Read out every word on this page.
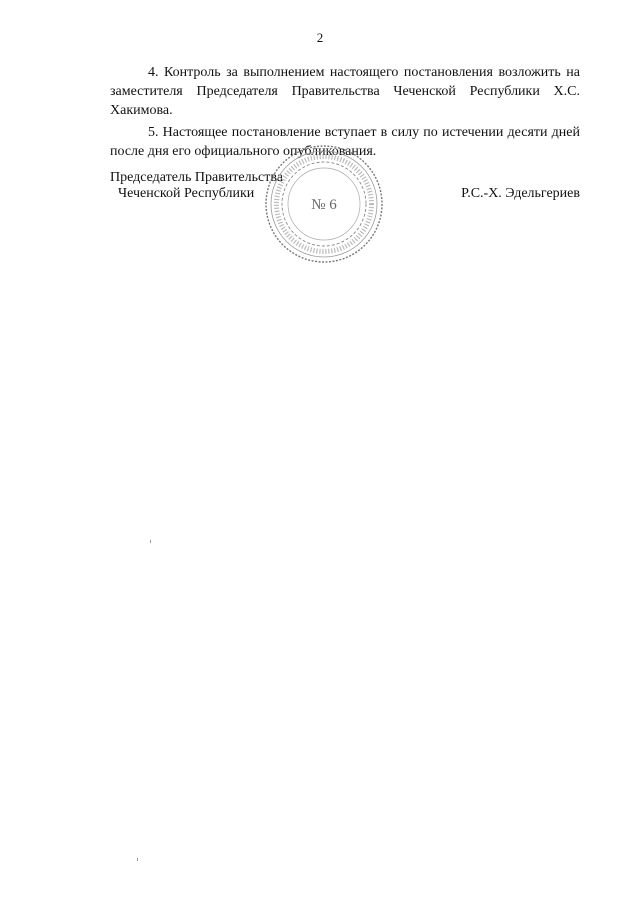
2

4. Контроль за выполнением настоящего постановления возложить на заместителя Председателя Правительства Чеченской Республики Х.С. Хакимова.

5. Настоящее постановление вступает в силу по истечении десяти дней после дня его официального опубликования.

Председатель Правительства
Чеченской Республики	Р.С.-Х. Эдельгериев
№ 6
